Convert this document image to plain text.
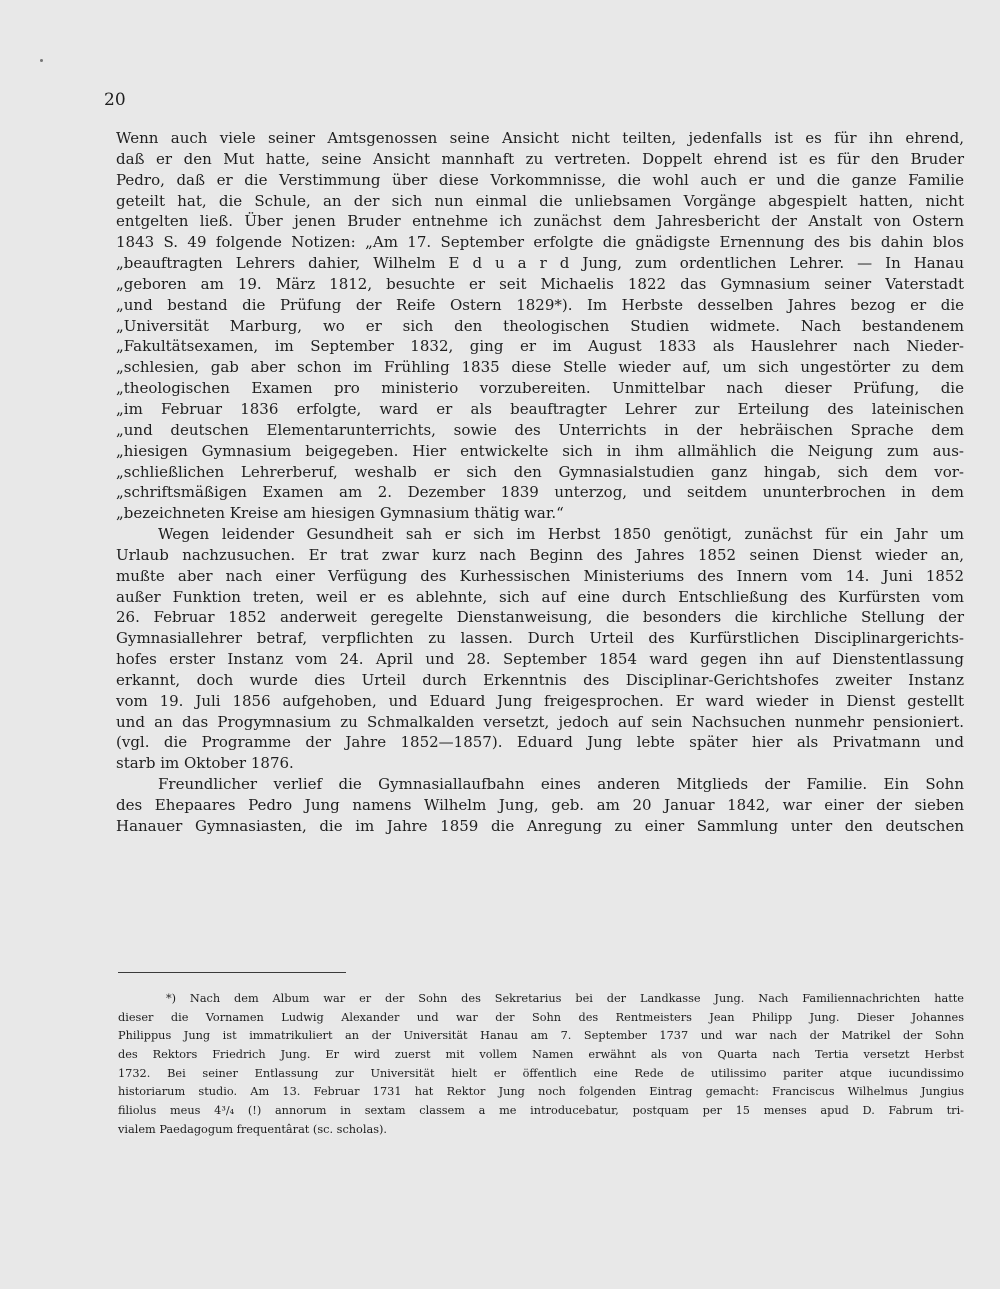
20
Wenn auch viele seiner Amtsgenossen seine Ansicht nicht teilten, jedenfalls ist es für ihn ehrend,
daß er den Mut hatte, seine Ansicht mannhaft zu vertreten. Doppelt ehrend ist es für den Bruder
Pedro, daß er die Verstimmung über diese Vorkommnisse, die wohl auch er und die ganze Familie
geteilt hat, die Schule, an der sich nun einmal die unliebsamen Vorgänge abgespielt hatten, nicht
entgelten ließ. Über jenen Bruder entnehme ich zunächst dem Jahresbericht der Anstalt von Ostern
1843 S. 49 folgende Notizen: „Am 17. September erfolgte die gnädigste Ernennung des bis dahin blos
„beauftragten Lehrers dahier, Wilhelm E d u a r d Jung, zum ordentlichen Lehrer. — In Hanau
„geboren am 19. März 1812, besuchte er seit Michaelis 1822 das Gymnasium seiner Vaterstadt
„und bestand die Prüfung der Reife Ostern 1829*). Im Herbste desselben Jahres bezog er die
„Universität Marburg, wo er sich den theologischen Studien widmete. Nach bestandenem
„Fakultätsexamen, im September 1832, ging er im August 1833 als Hauslehrer nach Nieder-
„schlesien, gab aber schon im Frühling 1835 diese Stelle wieder auf, um sich ungestörter zu dem
„theologischen Examen pro ministerio vorzubereiten. Unmittelbar nach dieser Prüfung, die
„im Februar 1836 erfolgte, ward er als beauftragter Lehrer zur Erteilung des lateinischen
„und deutschen Elementarunterrichts, sowie des Unterrichts in der hebräischen Sprache dem
„hiesigen Gymnasium beigegeben. Hier entwickelte sich in ihm allmählich die Neigung zum aus-
„schließlichen Lehrerberuf, weshalb er sich den Gymnasialstudien ganz hingab, sich dem vor-
„schriftsmäßigen Examen am 2. Dezember 1839 unterzog, und seitdem ununterbrochen in dem
„bezeichneten Kreise am hiesigen Gymnasium thätig war.“
Wegen leidender Gesundheit sah er sich im Herbst 1850 genötigt, zunächst für ein Jahr um
Urlaub nachzusuchen. Er trat zwar kurz nach Beginn des Jahres 1852 seinen Dienst wieder an,
mußte aber nach einer Verfügung des Kurhessischen Ministeriums des Innern vom 14. Juni 1852
außer Funktion treten, weil er es ablehnte, sich auf eine durch Entschließung des Kurfürsten vom
26. Februar 1852 anderweit geregelte Dienstanweisung, die besonders die kirchliche Stellung der
Gymnasiallehrer betraf, verpflichten zu lassen. Durch Urteil des Kurfürstlichen Disciplinargerichts-
hofes erster Instanz vom 24. April und 28. September 1854 ward gegen ihn auf Dienstentlassung
erkannt, doch wurde dies Urteil durch Erkenntnis des Disciplinar-Gerichtshofes zweiter Instanz
vom 19. Juli 1856 aufgehoben, und Eduard Jung freigesprochen. Er ward wieder in Dienst gestellt
und an das Progymnasium zu Schmalkalden versetzt, jedoch auf sein Nachsuchen nunmehr pensioniert.
(vgl. die Programme der Jahre 1852—1857). Eduard Jung lebte später hier als Privatmann und
starb im Oktober 1876.
Freundlicher verlief die Gymnasiallaufbahn eines anderen Mitglieds der Familie. Ein Sohn
des Ehepaares Pedro Jung namens Wilhelm Jung, geb. am 20 Januar 1842, war einer der sieben
Hanauer Gymnasiasten, die im Jahre 1859 die Anregung zu einer Sammlung unter den deutschen
*) Nach dem Album war er der Sohn des Sekretarius bei der Landkasse Jung. Nach Familiennachrichten hatte
dieser die Vornamen Ludwig Alexander und war der Sohn des Rentmeisters Jean Philipp Jung. Dieser Johannes
Philippus Jung ist immatrikuliert an der Universität Hanau am 7. September 1737 und war nach der Matrikel der Sohn
des Rektors Friedrich Jung. Er wird zuerst mit vollem Namen erwähnt als von Quarta nach Tertia versetzt Herbst
1732. Bei seiner Entlassung zur Universität hielt er öffentlich eine Rede de utilissimo pariter atque iucundissimo
historiarum studio. Am 13. Februar 1731 hat Rektor Jung noch folgenden Eintrag gemacht: Franciscus Wilhelmus Jungius
filiolus meus 4³/₄ (!) annorum in sextam classem a me introducebatur, postquam per 15 menses apud D. Fabrum tri-
vialem Paedagogum frequentârat (sc. scholas).
